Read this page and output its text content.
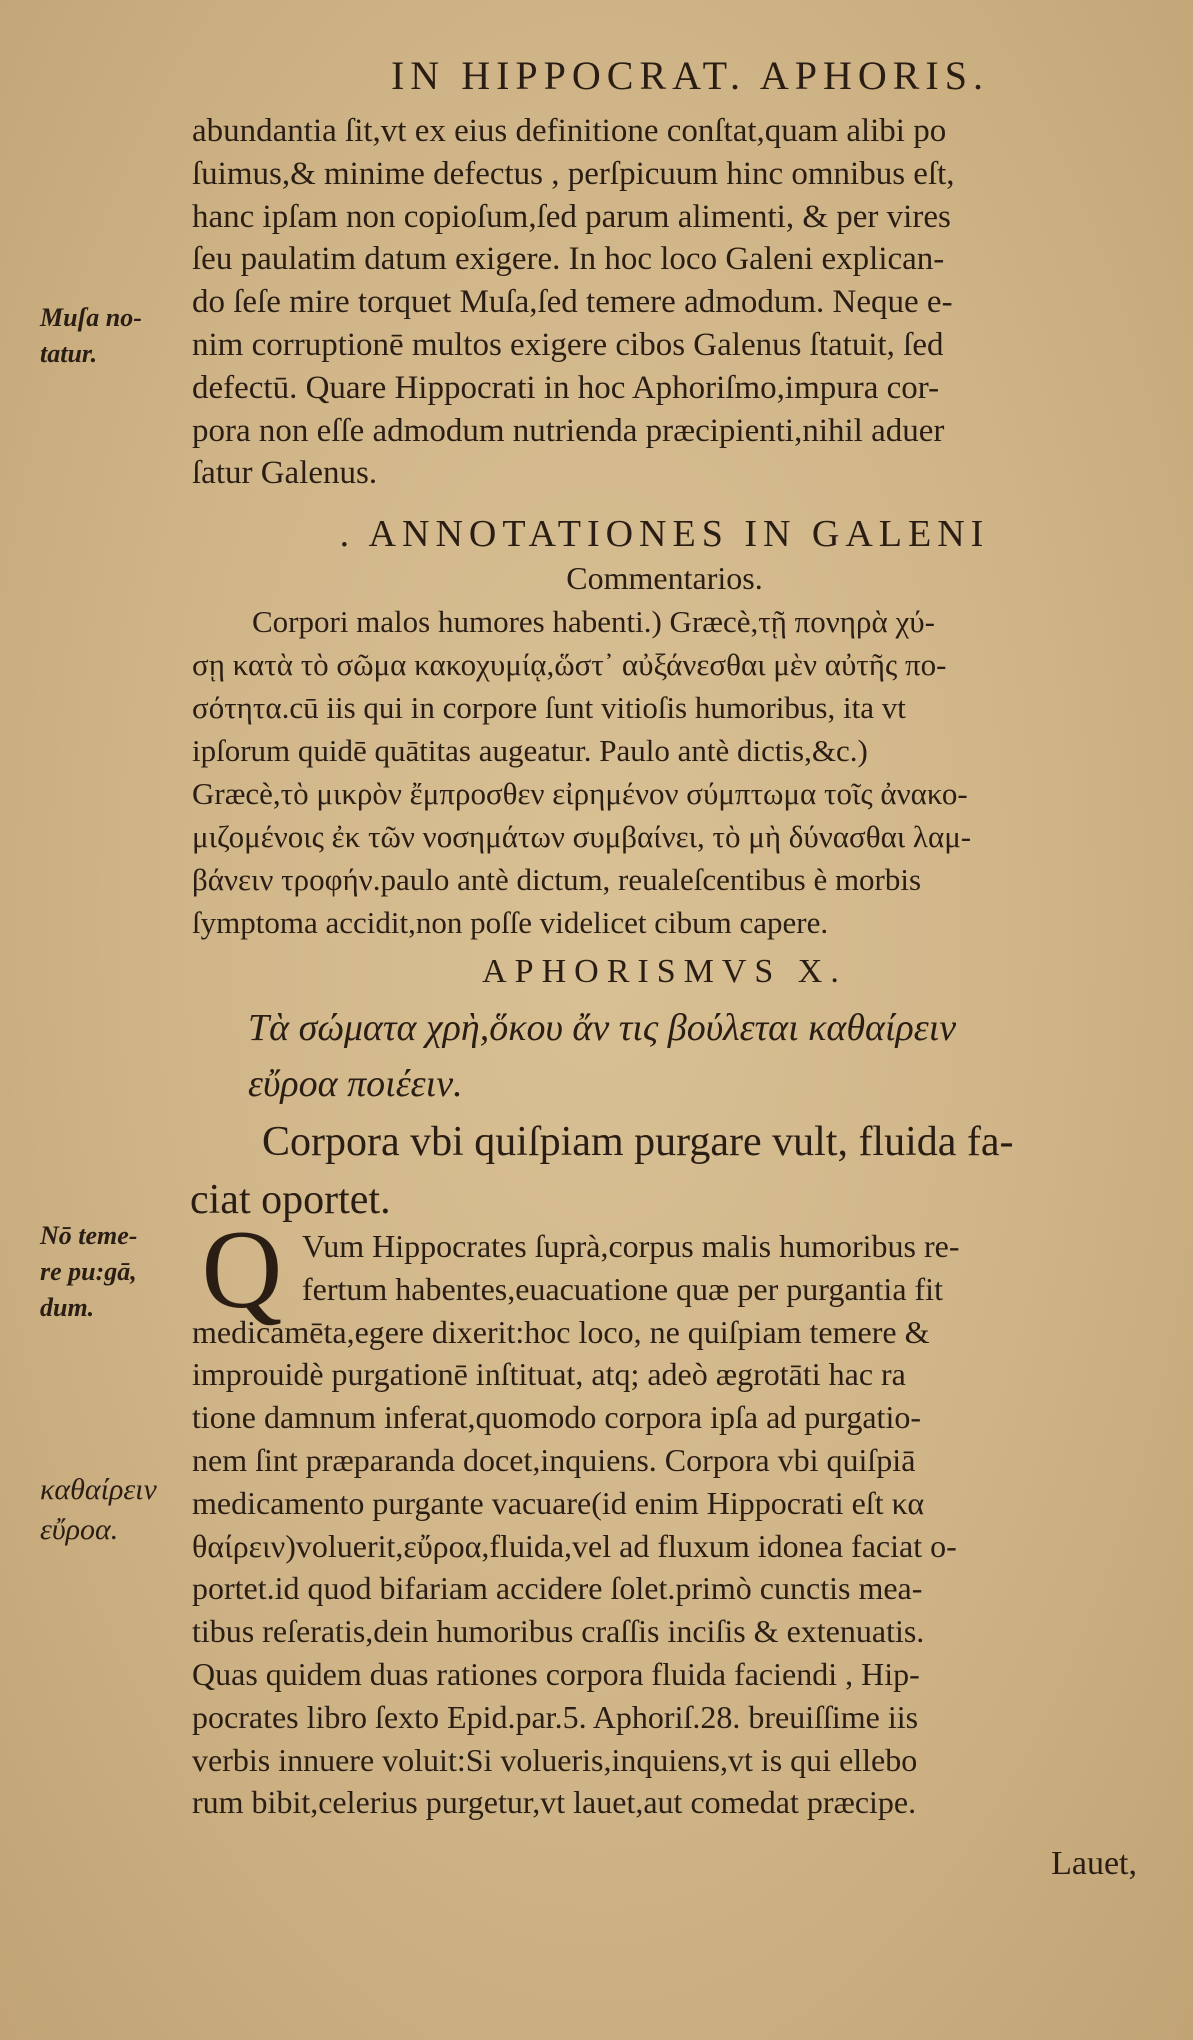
IN HIPPOCRAT. APHORIS.
Muſa no-
tatur.
abundantia ſit,vt ex eius definitione conſtat,quam alibi po
ſuimus,& minime defectus , perſpicuum hinc omnibus eſt,
hanc ipſam non copioſum,ſed parum alimenti, & per vires
ſeu paulatim datum exigere. In hoc loco Galeni explican-
do ſeſe mire torquet Muſa,ſed temere admodum. Neque e-
nim corruptionē multos exigere cibos Galenus ſtatuit, ſed
defectū. Quare Hippocrati in hoc Aphoriſmo,impura cor-
pora non eſſe admodum nutrienda præcipienti,nihil aduer
ſatur Galenus.
. ANNOTATIONES IN GALENI
Commentarios.
Corpori malos humores habenti.) Græcè,τῇ πονηρὰ χύ-
σῃ κατὰ τὸ σῶμα κακοχυμίᾳ,ὥστ᾽ αὐξάνεσθαι μὲν αὐτῆς πο-
σότητα.cū iis qui in corpore ſunt vitioſis humoribus, ita vt
ipſorum quidē quātitas augeatur. Paulo antè dictis,&c.)
Græcè,τὸ μικρὸν ἔμπροσθεν εἰρημένον σύμπτωμα τοῖς ἀνακο-
μιζομένοις ἐκ τῶν νοσημάτων συμβαίνει, τὸ μὴ δύνασθαι λαμ-
βάνειν τροφήν.paulo antè dictum, reualeſcentibus è morbis
ſymptoma accidit,non poſſe videlicet cibum capere.
APHORISMVS X.
Τὰ σώματα χρὴ,ὅκου ἄν τις βούλεται καθαίρειν
εὔροα ποιέειν.
Corpora vbi quiſpiam purgare vult, fluida fa-
ciat oportet.
Nō teme-
re pu:gā,
dum. Q Vum Hippocrates ſuprà,corpus malis humoribus re-
fertum habentes,euacuatione quæ per purgantia fit
medicamēta,egere dixerit:hoc loco, ne quiſpiam temere &
improuidè purgationē inſtituat, atq; adeò ægrotāti hac ra
tione damnum inferat,quomodo corpora ipſa ad purgatio-
nem ſint præparanda docet,inquiens. Corpora vbi quiſpiā
medicamento purgante vacuare(id enim Hippocrati eſt κα
θαίρειν)voluerit,εὔροα,fluida,vel ad fluxum idonea faciat o-
portet.id quod bifariam accidere ſolet.primò cunctis mea-
tibus reſeratis,dein humoribus craſſis inciſis & extenuatis.
Quas quidem duas rationes corpora fluida faciendi , Hip-
pocrates libro ſexto Epid.par.5. Aphoriſ.28. breuiſſime iis
verbis innuere voluit:Si volueris,inquiens,vt is qui ellebo
rum bibit,celerius purgetur,vt lauet,aut comedat præcipe.
καθαίρειν
εὔροα.
Lauet,
